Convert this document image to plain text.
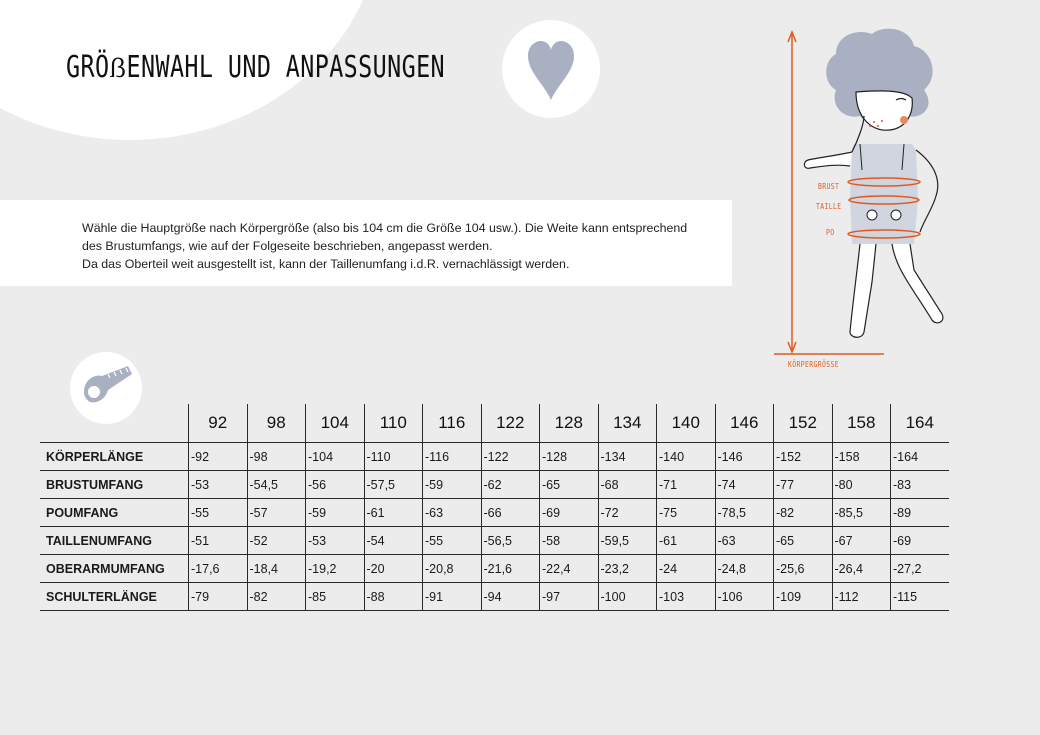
GRÖẞENWAHL UND ANPASSUNGEN

Wähle die Hauptgröße nach Körpergröße (also bis 104 cm die Größe 104 usw.). Die Weite kann entsprechend
des Brustumfangs, wie auf der Folgeseite beschrieben, angepasst werden.
Da das Oberteil weit ausgestellt ist, kann der Taillenumfang i.d.R. vernachlässigt werden.

BRUST
TAILLE
PO
KÖRPERGRÖSSE
	92	98	104	110	116	122	128	134	140	146	152	158	164
KÖRPERLÄNGE	-92	-98	-104	-110	-116	-122	-128	-134	-140	-146	-152	-158	-164
BRUSTUMFANG	-53	-54,5	-56	-57,5	-59	-62	-65	-68	-71	-74	-77	-80	-83
POUMFANG	-55	-57	-59	-61	-63	-66	-69	-72	-75	-78,5	-82	-85,5	-89
TAILLENUMFANG	-51	-52	-53	-54	-55	-56,5	-58	-59,5	-61	-63	-65	-67	-69
OBERARMUMFANG	-17,6	-18,4	-19,2	-20	-20,8	-21,6	-22,4	-23,2	-24	-24,8	-25,6	-26,4	-27,2
SCHULTERLÄNGE	-79	-82	-85	-88	-91	-94	-97	-100	-103	-106	-109	-112	-115
